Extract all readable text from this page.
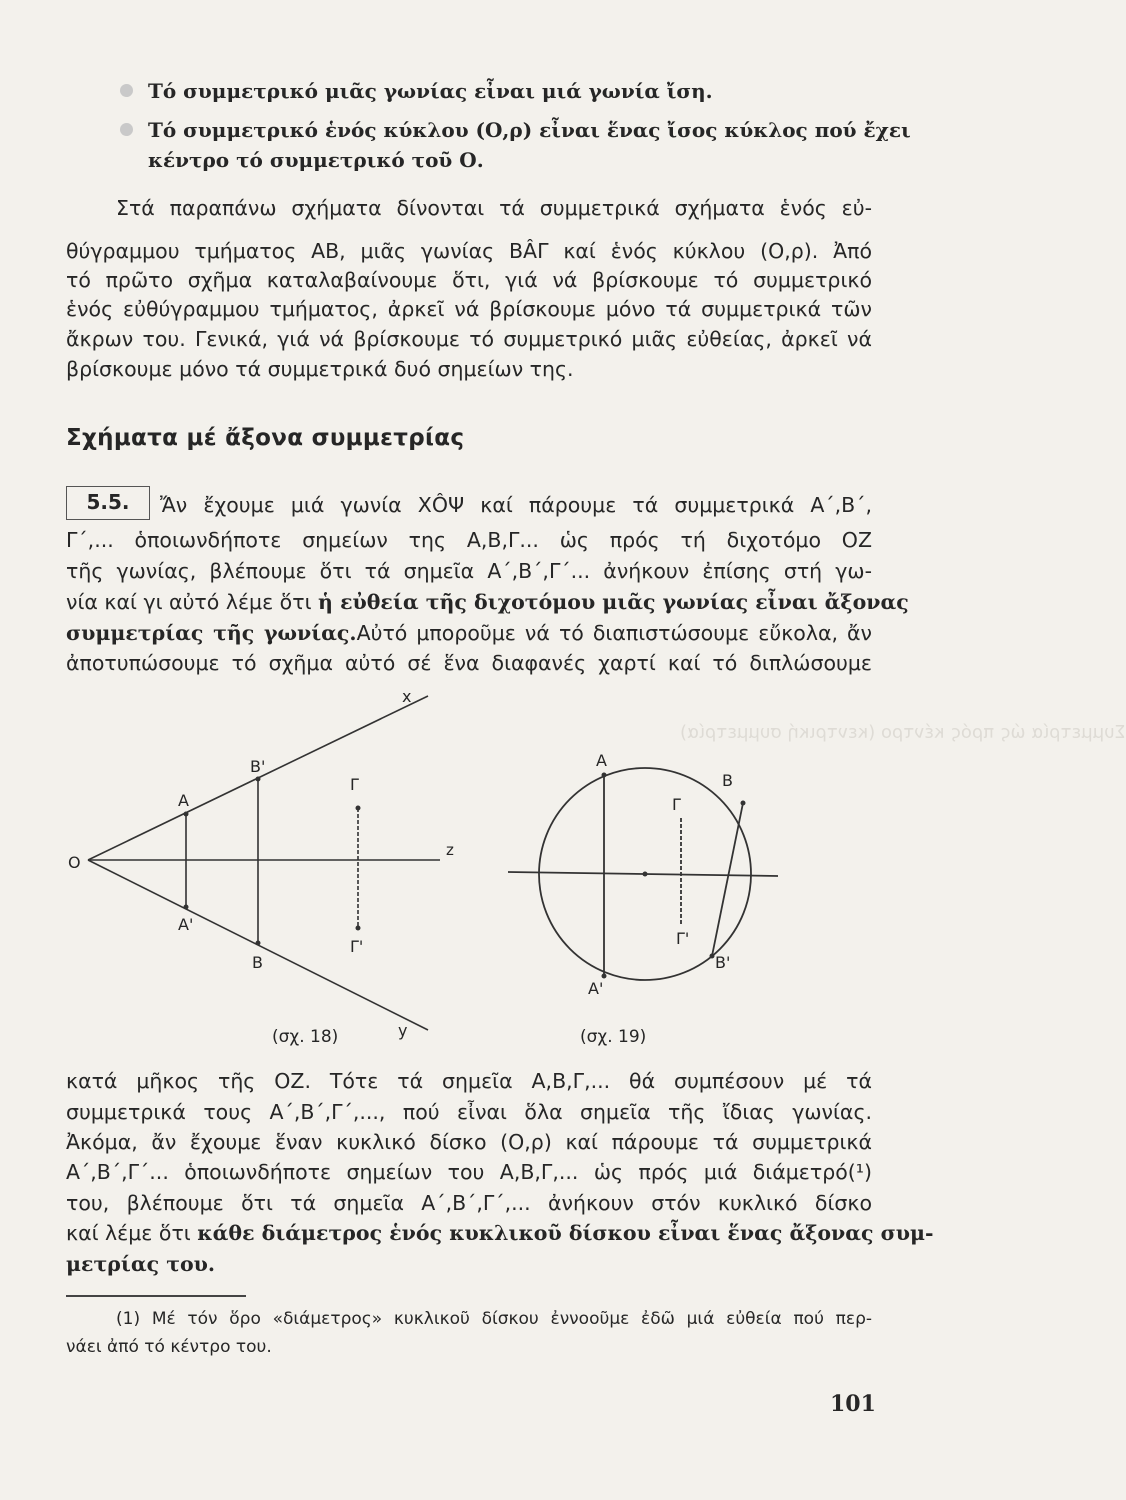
Συμμετρία ώς πρός κέντρο (κεντρική συμμετρία)
Τό συμμετρικό μιᾶς γωνίας εἶναι μιά γωνία ἴση.
Τό συμμετρικό ἑνός κύκλου (Ο,ρ) εἶναι ἕνας ἴσος κύκλος πού ἔχει
κέντρο τό συμμετρικό τοῦ Ο.
Στά παραπάνω σχήματα δίνονται τά συμμετρικά σχήματα ἑνός εὐ-
θύγραμμου τμήματος ΑΒ, μιᾶς γωνίας ΒÂΓ καί ἑνός κύκλου (Ο,ρ). Ἀπό
τό πρῶτο σχῆμα καταλαβαίνουμε ὅτι, γιά νά βρίσκουμε τό συμμετρικό
ἑνός εὐθύγραμμου τμήματος, ἀρκεῖ νά βρίσκουμε μόνο τά συμμετρικά τῶν
ἄκρων του. Γενικά, γιά νά βρίσκουμε τό συμμετρικό μιᾶς εὐθείας, ἀρκεῖ νά
βρίσκουμε μόνο τά συμμετρικά δυό σημείων της.
Σχήματα μέ ἄξονα συμμετρίας
5.5.	Ἄν ἔχουμε μιά γωνία ΧÔΨ καί πάρουμε τά συμμετρικά Α΄,Β΄,
Γ΄,... ὁποιωνδήποτε σημείων της Α,Β,Γ... ὡς πρός τή διχοτόμο ΟΖ
τῆς γωνίας, βλέπουμε ὅτι τά σημεῖα Α΄,Β΄,Γ΄... ἀνήκουν ἐπίσης στή γω-
νία καί γι αὐτό λέμε ὅτι ἡ εὐθεία τῆς διχοτόμου μιᾶς γωνίας εἶναι ἄξονας
συμμετρίας τῆς γωνίας.Αὐτό μποροῦμε νά τό διαπιστώσουμε εὔκολα, ἄν
ἀποτυπώσουμε τό σχῆμα αὐτό σέ ἕνα διαφανές χαρτί καί τό διπλώσουμε
x
B'
Γ
A
z
O
A'
Γ'
B
y
(σχ. 18)
A
B
Γ
Γ'
B'
A'
(σχ. 19)
κατά μῆκος τῆς ΟΖ. Τότε τά σημεῖα Α,Β,Γ,... θά συμπέσουν μέ τά
συμμετρικά τους Α΄,Β΄,Γ΄,..., πού εἶναι ὅλα σημεῖα τῆς ἴδιας γωνίας.
Ἀκόμα, ἄν ἔχουμε ἕναν κυκλικό δίσκο (Ο,ρ) καί πάρουμε τά συμμετρικά
Α΄,Β΄,Γ΄... ὁποιωνδήποτε σημείων του Α,Β,Γ,... ὡς πρός μιά διάμετρό(¹)
του, βλέπουμε ὅτι τά σημεῖα Α΄,Β΄,Γ΄,... ἀνήκουν στόν κυκλικό δίσκο
καί λέμε ὅτι κάθε διάμετρος ἑνός κυκλικοῦ δίσκου εἶναι ἕνας ἄξονας συμ-
μετρίας του.
(1) Μέ τόν ὅρο «διάμετρος» κυκλικοῦ δίσκου ἐννοοῦμε ἐδῶ μιά εὐθεία πού περ-
νάει ἀπό τό κέντρο του.
101
